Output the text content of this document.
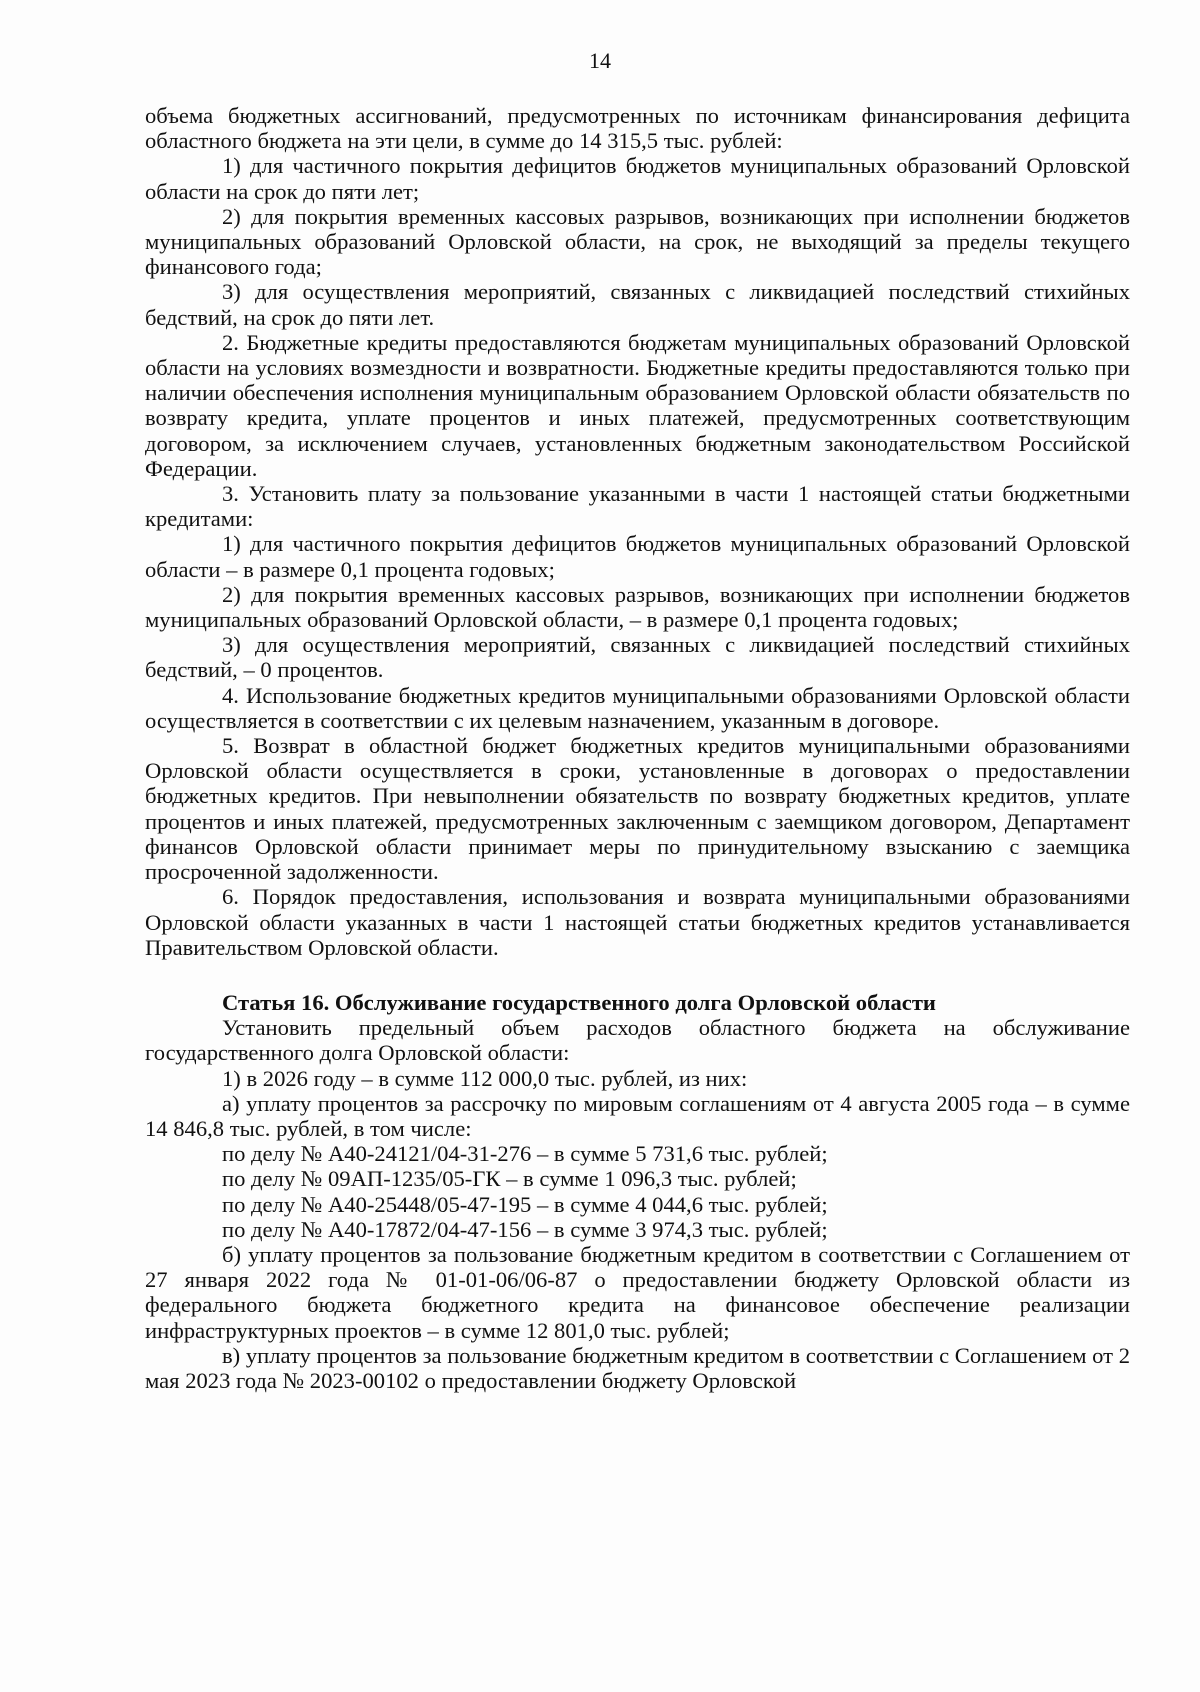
14

объема бюджетных ассигнований, предусмотренных по источникам финансирования дефицита областного бюджета на эти цели, в сумме до 14 315,5 тыс. рублей:

1) для частичного покрытия дефицитов бюджетов муниципальных образований Орловской области на срок до пяти лет;

2) для покрытия временных кассовых разрывов, возникающих при исполнении бюджетов муниципальных образований Орловской области, на срок, не выходящий за пределы текущего финансового года;

3) для осуществления мероприятий, связанных с ликвидацией последствий стихийных бедствий, на срок до пяти лет.

2. Бюджетные кредиты предоставляются бюджетам муниципальных образований Орловской области на условиях возмездности и возвратности. Бюджетные кредиты предоставляются только при наличии обеспечения исполнения муниципальным образованием Орловской области обязательств по возврату кредита, уплате процентов и иных платежей, предусмотренных соответствующим договором, за исключением случаев, установленных бюджетным законодательством Российской Федерации.

3. Установить плату за пользование указанными в части 1 настоящей статьи бюджетными кредитами:

1) для частичного покрытия дефицитов бюджетов муниципальных образований Орловской области – в размере 0,1 процента годовых;

2) для покрытия временных кассовых разрывов, возникающих при исполнении бюджетов муниципальных образований Орловской области, – в размере 0,1 процента годовых;

3) для осуществления мероприятий, связанных с ликвидацией последствий стихийных бедствий, – 0 процентов.

4. Использование бюджетных кредитов муниципальными образованиями Орловской области осуществляется в соответствии с их целевым назначением, указанным в договоре.

5. Возврат в областной бюджет бюджетных кредитов муниципальными образованиями Орловской области осуществляется в сроки, установленные в договорах о предоставлении бюджетных кредитов. При невыполнении обязательств по возврату бюджетных кредитов, уплате процентов и иных платежей, предусмотренных заключенным с заемщиком договором, Департамент финансов Орловской области принимает меры по принудительному взысканию с заемщика просроченной задолженности.

6. Порядок предоставления, использования и возврата муниципальными образованиями Орловской области указанных в части 1 настоящей статьи бюджетных кредитов устанавливается Правительством Орловской области.

Статья 16. Обслуживание государственного долга Орловской области

Установить предельный объем расходов областного бюджета на обслуживание государственного долга Орловской области:

1) в 2026 году – в сумме 112 000,0 тыс. рублей, из них:

а) уплату процентов за рассрочку по мировым соглашениям от 4 августа 2005 года – в сумме 14 846,8 тыс. рублей, в том числе:

по делу № А40-24121/04-31-276 – в сумме 5 731,6 тыс. рублей;

по делу № 09АП-1235/05-ГК – в сумме 1 096,3 тыс. рублей;

по делу № А40-25448/05-47-195 – в сумме 4 044,6 тыс. рублей;

по делу № А40-17872/04-47-156 – в сумме 3 974,3 тыс. рублей;

б) уплату процентов за пользование бюджетным кредитом в соответствии с Соглашением от 27 января 2022 года № 01-01-06/06-87 о предоставлении бюджету Орловской области из федерального бюджета бюджетного кредита на финансовое обеспечение реализации инфраструктурных проектов – в сумме 12 801,0 тыс. рублей;

в) уплату процентов за пользование бюджетным кредитом в соответствии с Соглашением от 2 мая 2023 года № 2023-00102 о предоставлении бюджету Орловской
